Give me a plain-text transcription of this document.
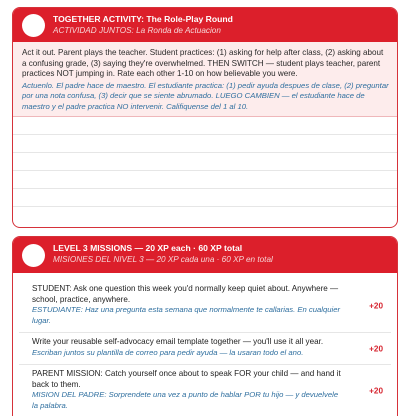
TOGETHER ACTIVITY: The Role-Play Round
ACTIVIDAD JUNTOS: La Ronda de Actuacion
Act it out. Parent plays the teacher. Student practices: (1) asking for help after class, (2) asking about a confusing grade, (3) saying they're overwhelmed. THEN SWITCH — student plays teacher, parent practices NOT jumping in. Rate each other 1-10 on how believable you were.
Actuenlo. El padre hace de maestro. El estudiante practica: (1) pedir ayuda despues de clase, (2) preguntar por una nota confusa, (3) decir que se siente abrumado. LUEGO CAMBIEN — el estudiante hace de maestro y el padre practica NO intervenir. Califiquense del 1 al 10.
LEVEL 3 MISSIONS — 20 XP each · 60 XP total
MISIONES DEL NIVEL 3 — 20 XP cada una · 60 XP en total
STUDENT: Ask one question this week you'd normally keep quiet about. Anywhere — school, practice, anywhere.
ESTUDIANTE: Haz una pregunta esta semana que normalmente te callarias. En cualquier lugar.
+20
Write your reusable self-advocacy email template together — you'll use it all year.
Escriban juntos su plantilla de correo para pedir ayuda — la usaran todo el ano.	+20
PARENT MISSION: Catch yourself once about to speak FOR your child — and hand it back to them.
MISION DEL PADRE: Sorprendete una vez a punto de hablar POR tu hijo — y devuelvele la palabra.
+20
